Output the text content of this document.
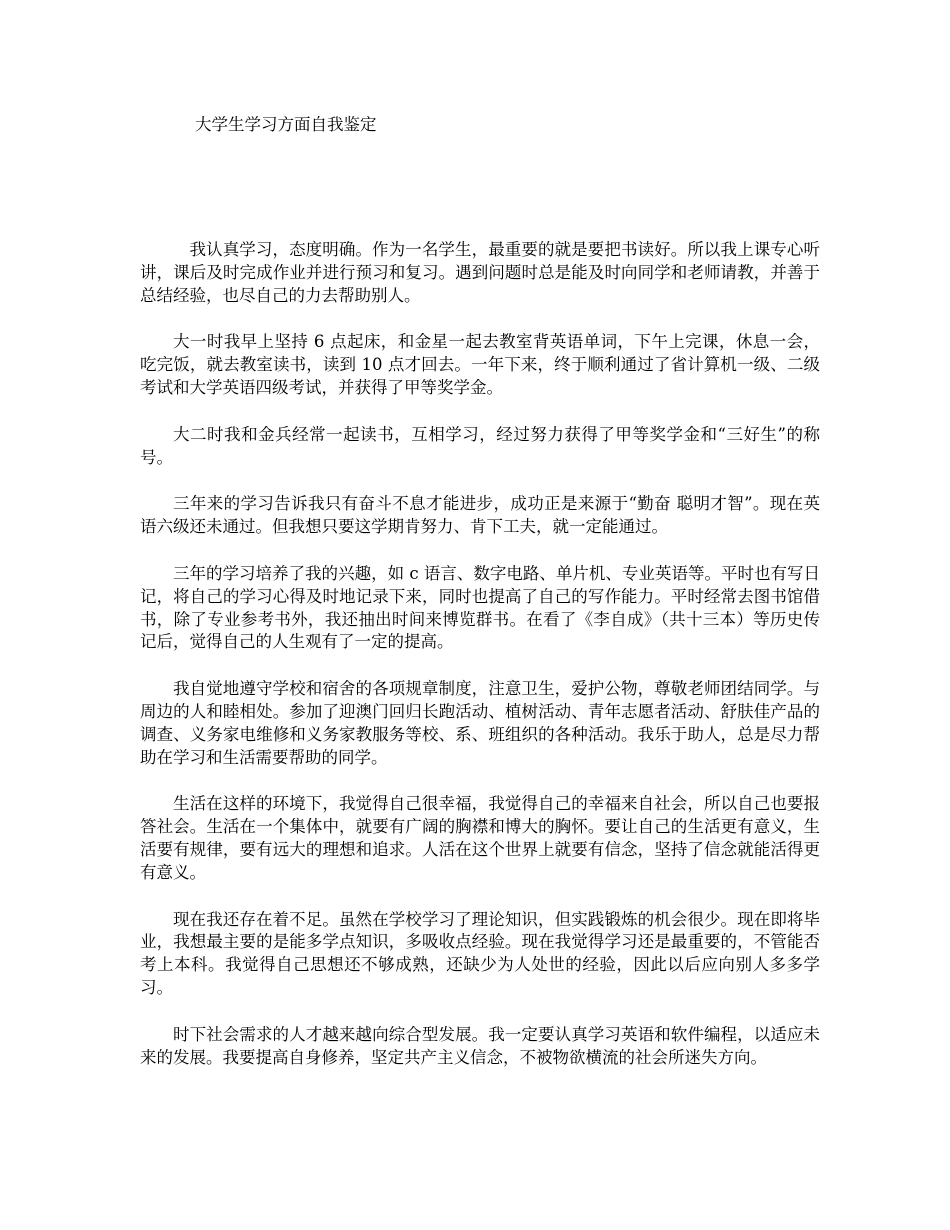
大学生学习方面自我鉴定

我认真学习，态度明确。作为一名学生，最重要的就是要把书读好。所以我上课专心听讲，课后及时完成作业并进行预习和复习。遇到问题时总是能及时向同学和老师请教，并善于总结经验，也尽自己的力去帮助别人。

大一时我早上坚持 6 点起床，和金星一起去教室背英语单词，下午上完课，休息一会，吃完饭，就去教室读书，读到 10 点才回去。一年下来，终于顺利通过了省计算机一级、二级考试和大学英语四级考试，并获得了甲等奖学金。

大二时我和金兵经常一起读书，互相学习，经过努力获得了甲等奖学金和“三好生”的称号。

三年来的学习告诉我只有奋斗不息才能进步，成功正是来源于“勤奋 聪明才智”。现在英语六级还未通过。但我想只要这学期肯努力、肯下工夫，就一定能通过。

三年的学习培养了我的兴趣，如 c 语言、数字电路、单片机、专业英语等。平时也有写日记，将自己的学习心得及时地记录下来，同时也提高了自己的写作能力。平时经常去图书馆借书，除了专业参考书外，我还抽出时间来博览群书。在看了《李自成》（共十三本）等历史传记后，觉得自己的人生观有了一定的提高。

我自觉地遵守学校和宿舍的各项规章制度，注意卫生，爱护公物，尊敬老师团结同学。与周边的人和睦相处。参加了迎澳门回归长跑活动、植树活动、青年志愿者活动、舒肤佳产品的调查、义务家电维修和义务家教服务等校、系、班组织的各种活动。我乐于助人，总是尽力帮助在学习和生活需要帮助的同学。

生活在这样的环境下，我觉得自己很幸福，我觉得自己的幸福来自社会，所以自己也要报答社会。生活在一个集体中，就要有广阔的胸襟和博大的胸怀。要让自己的生活更有意义，生活要有规律，要有远大的理想和追求。人活在这个世界上就要有信念，坚持了信念就能活得更有意义。

现在我还存在着不足。虽然在学校学习了理论知识，但实践锻炼的机会很少。现在即将毕业，我想最主要的是能多学点知识，多吸收点经验。现在我觉得学习还是最重要的，不管能否考上本科。我觉得自己思想还不够成熟，还缺少为人处世的经验，因此以后应向别人多多学习。

时下社会需求的人才越来越向综合型发展。我一定要认真学习英语和软件编程，以适应未来的发展。我要提高自身修养，坚定共产主义信念，不被物欲横流的社会所迷失方向。
